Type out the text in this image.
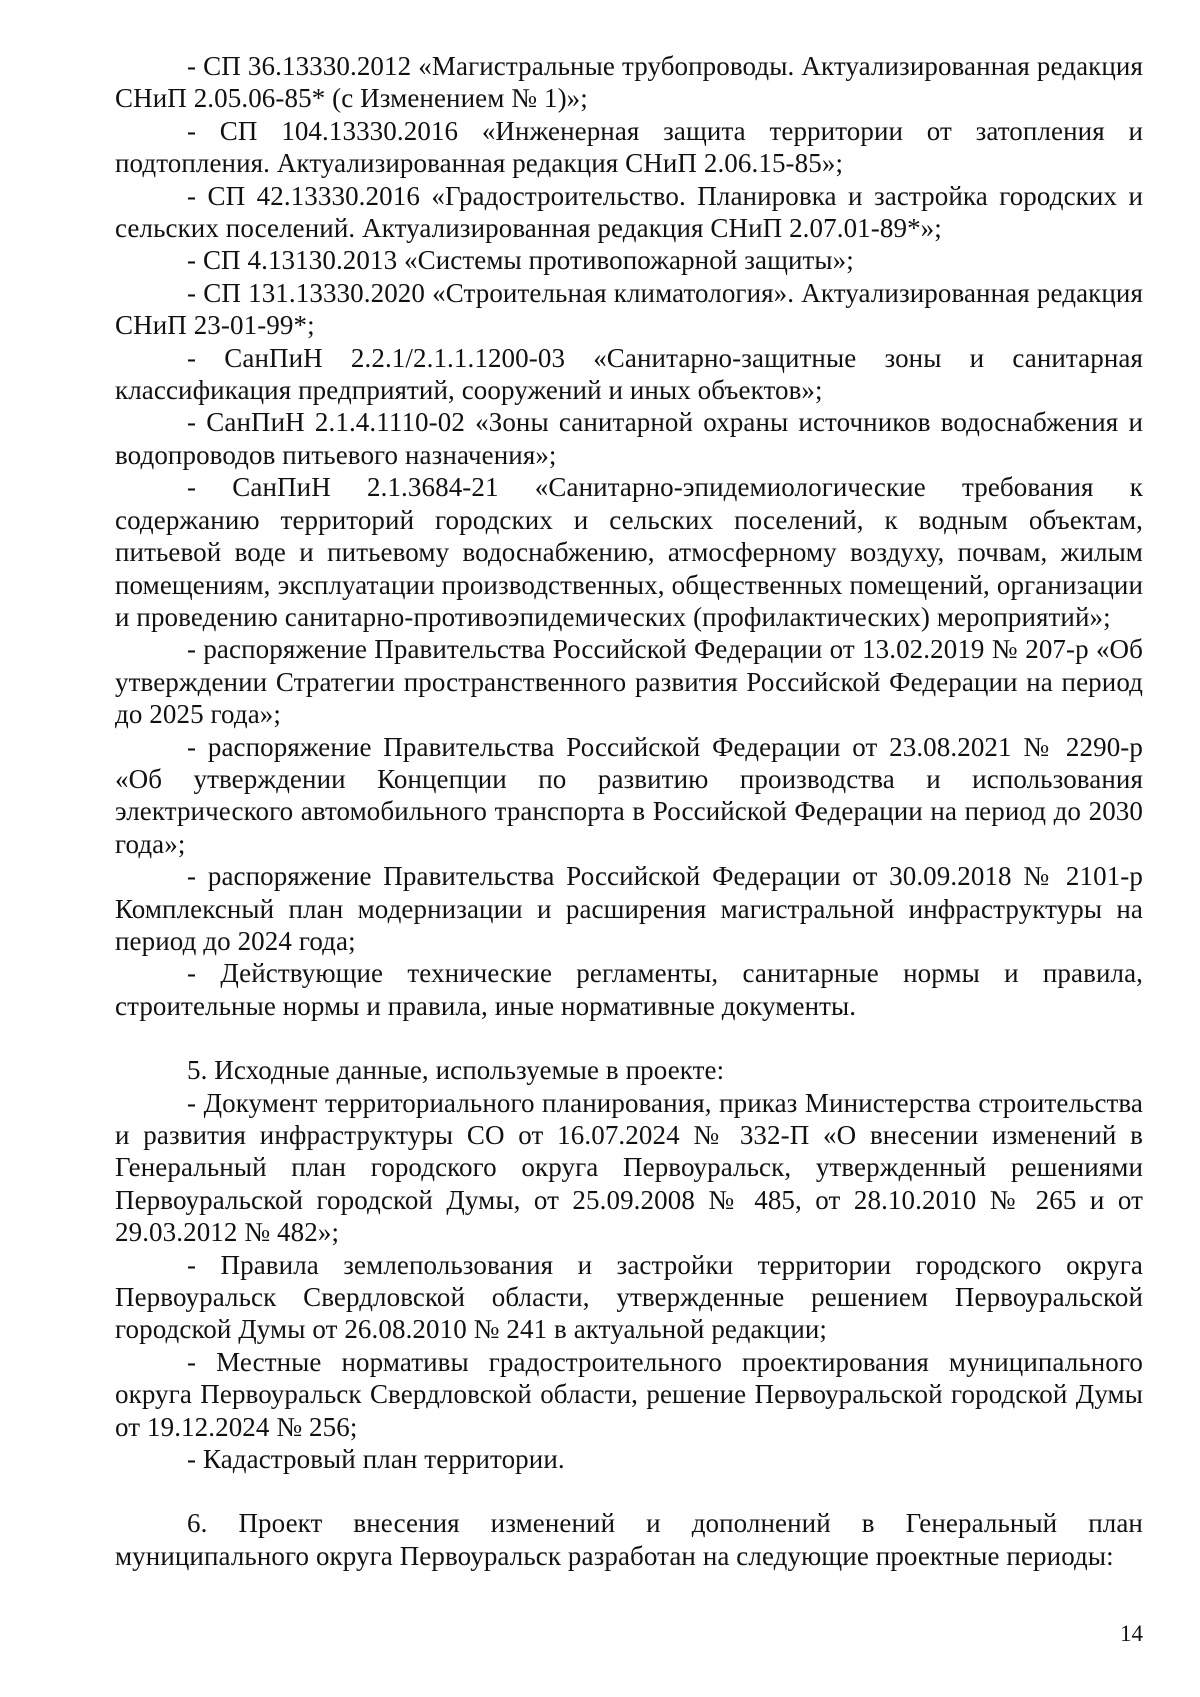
- СП 36.13330.2012 «Магистральные трубопроводы. Актуализированная редакция СНиП 2.05.06-85* (с Изменением № 1)»;

- СП 104.13330.2016 «Инженерная защита территории от затопления и подтопления. Актуализированная редакция СНиП 2.06.15-85»;

- СП 42.13330.2016 «Градостроительство. Планировка и застройка городских и сельских поселений. Актуализированная редакция СНиП 2.07.01-89*»;

- СП 4.13130.2013 «Системы противопожарной защиты»;

- СП 131.13330.2020 «Строительная климатология». Актуализированная редакция СНиП 23-01-99*;

- СанПиН 2.2.1/2.1.1.1200-03 «Санитарно-защитные зоны и санитарная классификация предприятий, сооружений и иных объектов»;

- СанПиН 2.1.4.1110-02 «Зоны санитарной охраны источников водоснабжения и водопроводов питьевого назначения»;

- СанПиН 2.1.3684-21 «Санитарно-эпидемиологические требования к содержанию территорий городских и сельских поселений, к водным объектам, питьевой воде и питьевому водоснабжению, атмосферному воздуху, почвам, жилым помещениям, эксплуатации производственных, общественных помещений, организации и проведению санитарно-противоэпидемических (профилактических) мероприятий»;

- распоряжение Правительства Российской Федерации от 13.02.2019 № 207-р «Об утверждении Стратегии пространственного развития Российской Федерации на период до 2025 года»;

- распоряжение Правительства Российской Федерации от 23.08.2021 № 2290-р «Об утверждении Концепции по развитию производства и использования электрического автомобильного транспорта в Российской Федерации на период до 2030 года»;

- распоряжение Правительства Российской Федерации от 30.09.2018 № 2101-р Комплексный план модернизации и расширения магистральной инфраструктуры на период до 2024 года;

- Действующие технические регламенты, санитарные нормы и правила, строительные нормы и правила, иные нормативные документы.

5. Исходные данные, используемые в проекте:

- Документ территориального планирования, приказ Министерства строительства и развития инфраструктуры СО от 16.07.2024 № 332-П «О внесении изменений в Генеральный план городского округа Первоуральск, утвержденный решениями Первоуральской городской Думы, от 25.09.2008 № 485, от 28.10.2010 № 265 и от 29.03.2012 № 482»;

- Правила землепользования и застройки территории городского округа Первоуральск Свердловской области, утвержденные решением Первоуральской городской Думы от 26.08.2010 № 241 в актуальной редакции;

- Местные нормативы градостроительного проектирования муниципального округа Первоуральск Свердловской области, решение Первоуральской городской Думы от 19.12.2024 № 256;

- Кадастровый план территории.

6. Проект внесения изменений и дополнений в Генеральный план муниципального округа Первоуральск разработан на следующие проектные периоды:

14
